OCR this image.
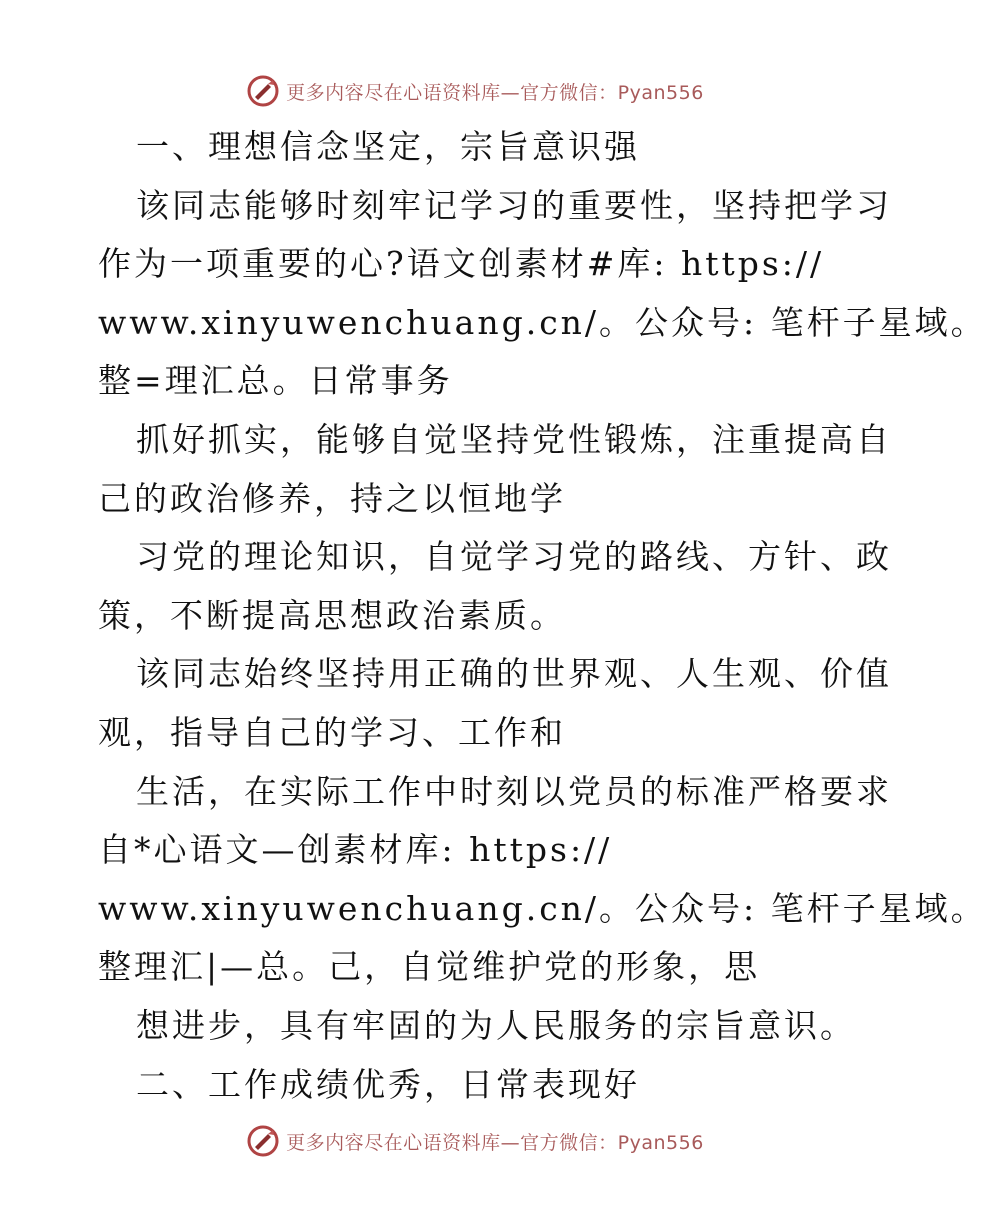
更多内容尽在心语资料库—官方微信：Pyan556
一、理想信念坚定，宗旨意识强
该同志能够时刻牢记学习的重要性，坚持把学习
作为一项重要的心?语文创素材#库: https://
www.xinyuwenchuang.cn/。公众号: 笔杆子星域。
整=理汇总。日常事务
抓好抓实，能够自觉坚持党性锻炼，注重提高自
己的政治修养，持之以恒地学
习党的理论知识，自觉学习党的路线、方针、政
策，不断提高思想政治素质。
该同志始终坚持用正确的世界观、人生观、价值
观，指导自己的学习、工作和
生活，在实际工作中时刻以党员的标准严格要求
自*心语文—创素材库: https://
www.xinyuwenchuang.cn/。公众号: 笔杆子星域。
整理汇|—总。己，自觉维护党的形象，思
想进步，具有牢固的为人民服务的宗旨意识。
二、工作成绩优秀，日常表现好
更多内容尽在心语资料库—官方微信：Pyan556
